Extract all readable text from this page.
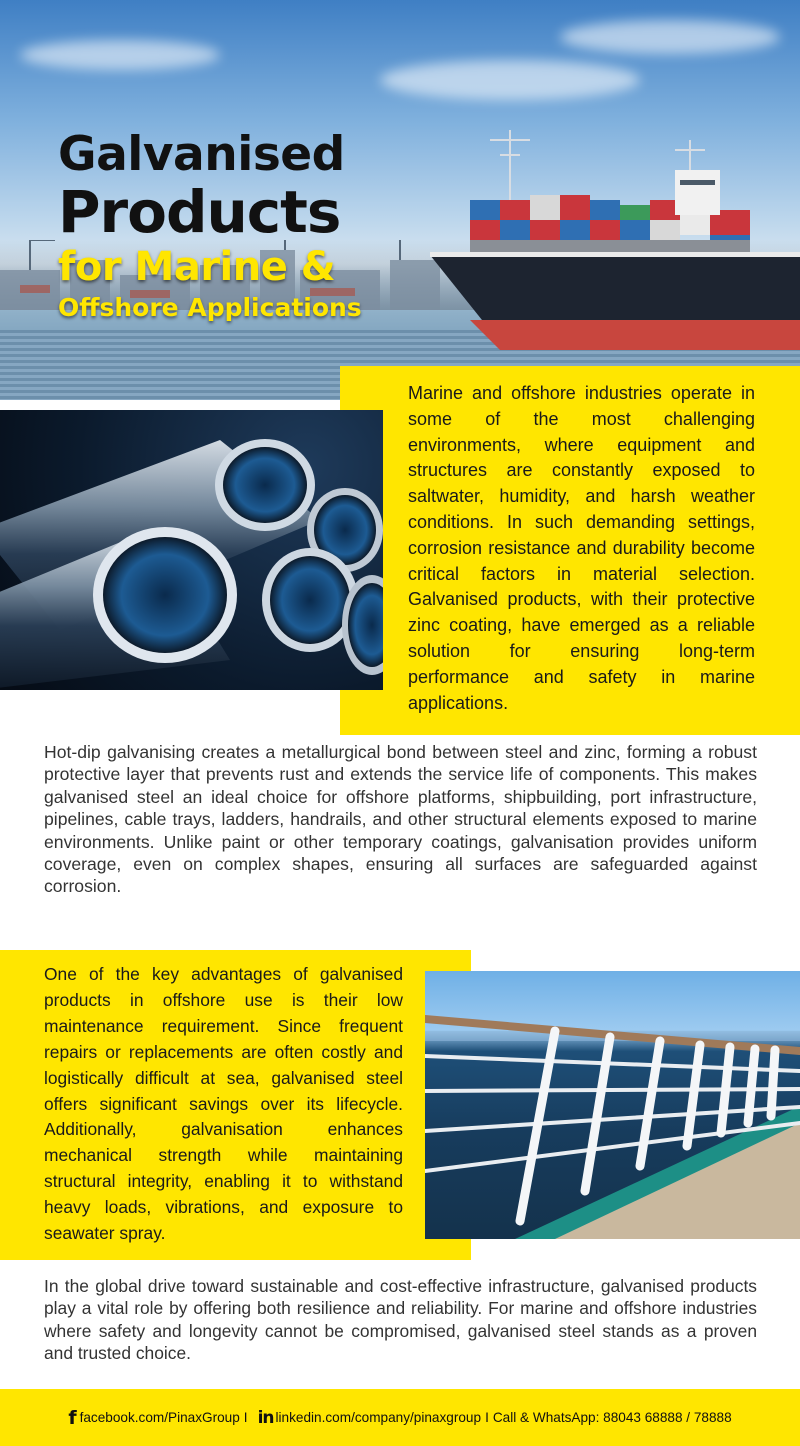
Galvanised
Products
for Marine &
Offshore Applications
Marine and offshore industries operate in some of the most challenging environments, where equipment and structures are constantly exposed to saltwater, humidity, and harsh weather conditions. In such demanding settings, corrosion resistance and durability become critical factors in material selection. Galvanised products, with their protective zinc coating, have emerged as a reliable solution for ensuring long-term performance and safety in marine applications.
Hot-dip galvanising creates a metallurgical bond between steel and zinc, forming a robust protective layer that prevents rust and extends the service life of components. This makes galvanised steel an ideal choice for offshore platforms, shipbuilding, port infrastructure, pipelines, cable trays, ladders, handrails, and other structural elements exposed to marine environments. Unlike paint or other temporary coatings, galvanisation provides uniform coverage, even on complex shapes, ensuring all surfaces are safeguarded against corrosion.
One of the key advantages of galvanised products in offshore use is their low maintenance requirement. Since frequent repairs or replacements are often costly and logistically difficult at sea, galvanised steel offers significant savings over its lifecycle. Additionally, galvanisation enhances mechanical strength while maintaining structural integrity, enabling it to withstand heavy loads, vibrations, and exposure to seawater spray.
In the global drive toward sustainable and cost-effective infrastructure, galvanised products play a vital role by offering both resilience and reliability. For marine and offshore industries where safety and longevity cannot be compromised, galvanised steel stands as a proven and trusted choice.
f facebook.com/PinaxGroup I in linkedin.com/company/pinaxgroup I Call & WhatsApp: 88043 68888 / 78888
